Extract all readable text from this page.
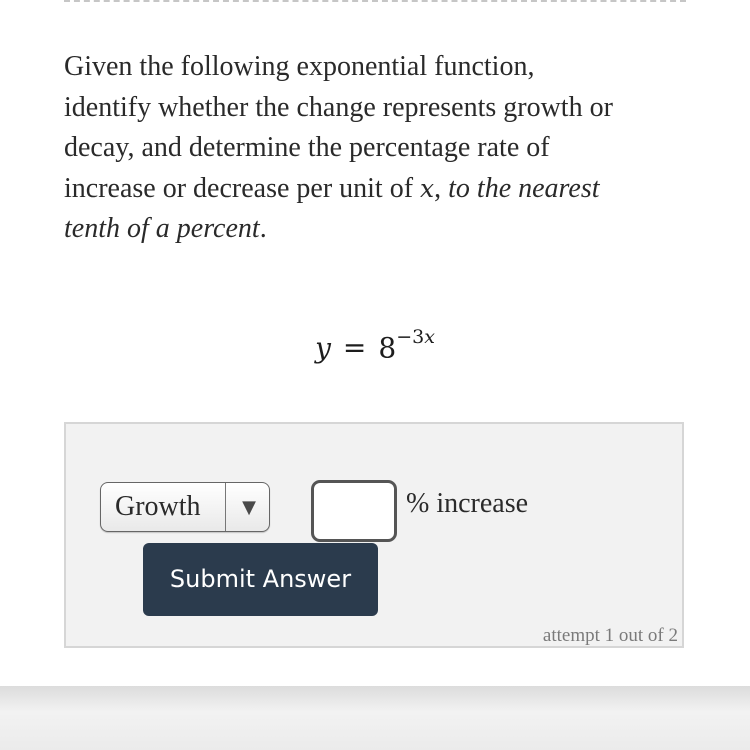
Given the following exponential function,
identify whether the change represents growth or
decay, and determine the percentage rate of
increase or decrease per unit of x, to the nearest
tenth of a percent.

$y = 8^{-3x}$
Growth	▼	% increase
Submit Answer
attempt 1 out of 2
